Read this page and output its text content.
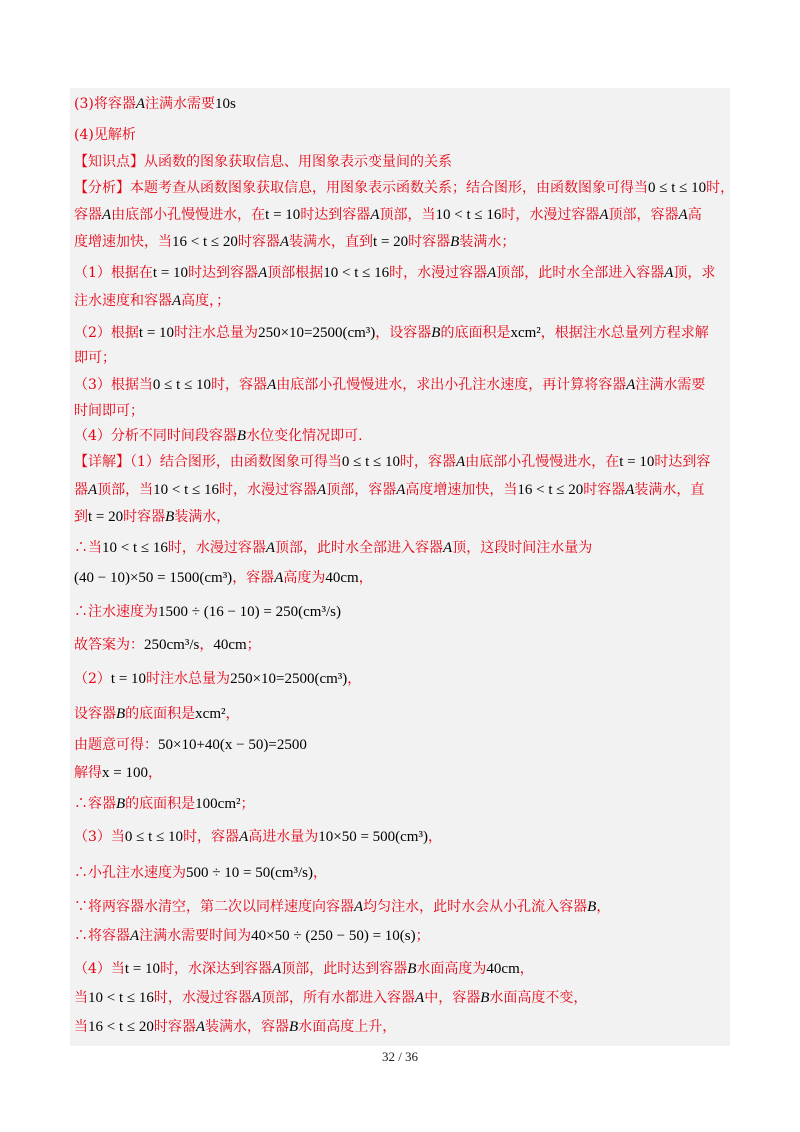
(3)将容器A注满水需要10s
(4)见解析
【知识点】从函数的图象获取信息、用图象表示变量间的关系
【分析】本题考查从函数图象获取信息，用图象表示函数关系；结合图形，由函数图象可得当0 ≤ t ≤ 10时，
容器A由底部小孔慢慢进水，在t = 10时达到容器A顶部，当10 < t ≤ 16时，水漫过容器A顶部，容器A高
度增速加快，当16 < t ≤ 20时容器A装满水，直到t = 20时容器B装满水；
（1）根据在t = 10时达到容器A顶部根据10 < t ≤ 16时，水漫过容器A顶部，此时水全部进入容器A顶，求
注水速度和容器A高度，；
（2）根据t = 10时注水总量为250×10=2500(cm³)，设容器B的底面积是xcm²，根据注水总量列方程求解
即可；
（3）根据当0 ≤ t ≤ 10时，容器A由底部小孔慢慢进水，求出小孔注水速度，再计算将容器A注满水需要
时间即可；
（4）分析不同时间段容器B水位变化情况即可.
【详解】（1）结合图形，由函数图象可得当0 ≤ t ≤ 10时，容器A由底部小孔慢慢进水，在t = 10时达到容
器A顶部，当10 < t ≤ 16时，水漫过容器A顶部，容器A高度增速加快，当16 < t ≤ 20时容器A装满水，直
到t = 20时容器B装满水，
∴当10 < t ≤ 16时，水漫过容器A顶部，此时水全部进入容器A顶，这段时间注水量为
(40 − 10)×50 = 1500(cm³)，容器A高度为40cm，
∴注水速度为1500 ÷ (16 − 10) = 250(cm³/s)
故答案为：250cm³/s，40cm；
（2）t = 10时注水总量为250×10=2500(cm³)，
设容器B的底面积是xcm²，
由题意可得：50×10+40(x − 50)=2500
解得x = 100，
∴容器B的底面积是100cm²；
（3）当0 ≤ t ≤ 10时，容器A高进水量为10×50 = 500(cm³)，
∴小孔注水速度为500 ÷ 10 = 50(cm³/s)，
∵将两容器水清空，第二次以同样速度向容器A均匀注水，此时水会从小孔流入容器B，
∴将容器A注满水需要时间为40×50 ÷ (250 − 50) = 10(s)；
（4）当t = 10时，水深达到容器A顶部，此时达到容器B水面高度为40cm，
当10 < t ≤ 16时，水漫过容器A顶部，所有水都进入容器A中，容器B水面高度不变，
当16 < t ≤ 20时容器A装满水，容器B水面高度上升，
32 / 36
